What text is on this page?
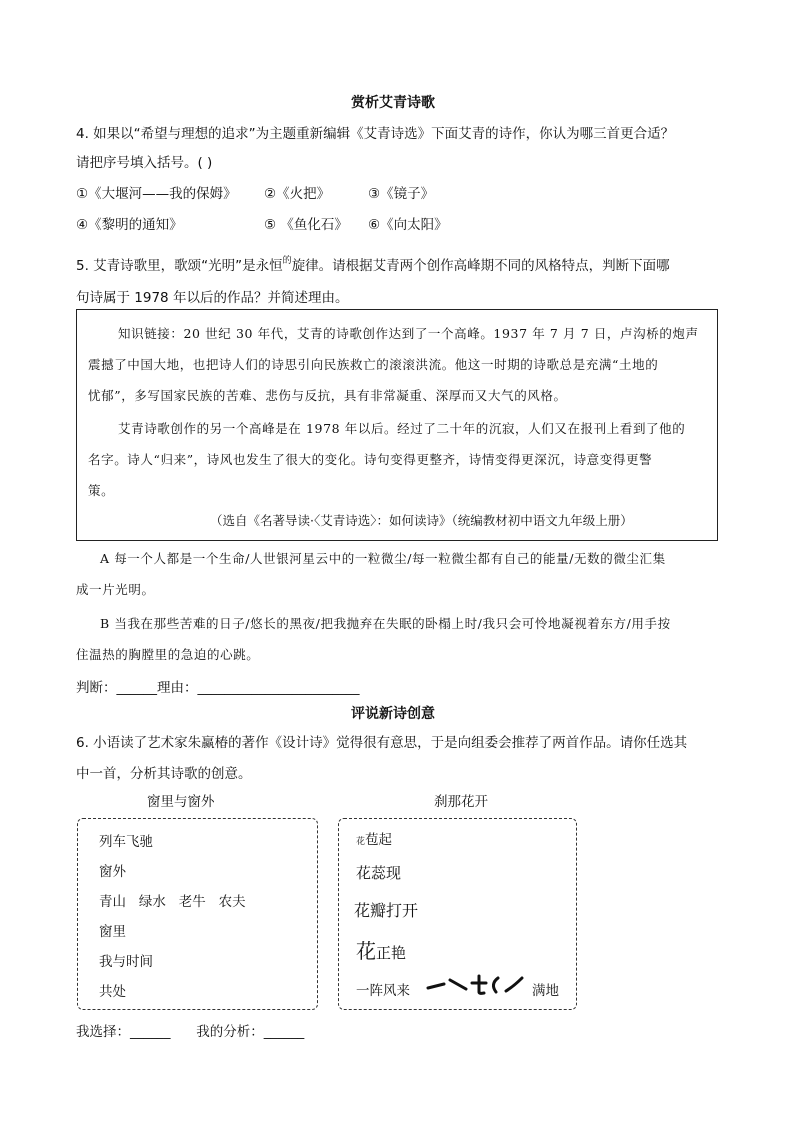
赏析艾青诗歌
4. 如果以“希望与理想的追求”为主题重新编辑《艾青诗选》下面艾青的诗作，你认为哪三首更合适？
请把序号填入括号。( )
①《大堰河——我的保姆》 ②《火把》	③《镜子》
④《黎明的通知》	⑤ 《鱼化石》 ⑥《向太阳》
5. 艾青诗歌里，歌颂“光明”是永恒$^的$旋律。请根据艾青两个创作高峰期不同的风格特点，判断下面哪
句诗属于 1978 年以后的作品？并简述理由。
知识链接：20 世纪 30 年代，艾青的诗歌创作达到了一个高峰。1937 年 7 月 7 日，卢沟桥的炮声
震撼了中国大地，也把诗人们的诗思引向民族救亡的滚滚洪流。他这一时期的诗歌总是充满“土地的
忧郁”，多写国家民族的苦难、悲伤与反抗，具有非常凝重、深厚而又大气的风格。
艾青诗歌创作的另一个高峰是在 1978 年以后。经过了二十年的沉寂，人们又在报刊上看到了他的
名字。诗人“归来”，诗风也发生了很大的变化。诗句变得更整齐，诗情变得更深沉，诗意变得更警
策。
（选自《名著导读·〈艾青诗选〉：如何读诗》（统编教材初中语文九年级上册）
A 每一个人都是一个生命/人世银河星云中的一粒微尘/每一粒微尘都有自己的能量/无数的微尘汇集
成一片光明。
B 当我在那些苦难的日子/悠长的黑夜/把我抛弃在失眠的卧榻上时/我只会可怜地凝视着东方/用手按
住温热的胸膛里的急迫的心跳。
判断：______理由：________________________
评说新诗创意
6. 小语读了艺术家朱赢椿的著作《设计诗》觉得很有意思，于是向组委会推荐了两首作品。请你任选其
中一首，分析其诗歌的创意。
窗里与窗外	刹那花开
列车飞驰
窗外
青山   绿水   老牛   农夫
窗里
我与时间
共处
花苞起
花蕊现
花瓣打开
花正艳
一阵风来	满地
我选择：______      我的分析：______
